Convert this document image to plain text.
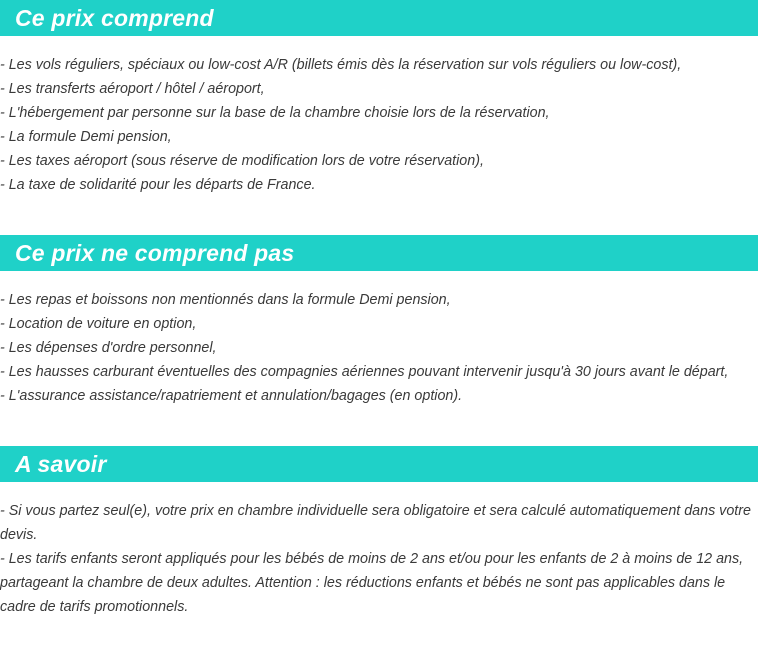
Ce prix comprend

- Les vols réguliers, spéciaux ou low-cost A/R (billets émis dès la réservation sur vols réguliers ou low-cost),

- Les transferts aéroport / hôtel / aéroport,

- L'hébergement par personne sur la base de la chambre choisie lors de la réservation,

- La formule Demi pension,

- Les taxes aéroport (sous réserve de modification lors de votre réservation),

- La taxe de solidarité pour les départs de France.

Ce prix ne comprend pas

- Les repas et boissons non mentionnés dans la formule Demi pension,

- Location de voiture en option,

- Les dépenses d'ordre personnel,

- Les hausses carburant éventuelles des compagnies aériennes pouvant intervenir jusqu'à 30 jours avant le départ,

- L'assurance assistance/rapatriement et annulation/bagages (en option).

A savoir

- Si vous partez seul(e), votre prix en chambre individuelle sera obligatoire et sera calculé automatiquement dans votre devis.

- Les tarifs enfants seront appliqués pour les bébés de moins de 2 ans et/ou pour les enfants de 2 à moins de 12 ans, partageant la chambre de deux adultes. Attention : les réductions enfants et bébés ne sont pas applicables dans le cadre de tarifs promotionnels.
